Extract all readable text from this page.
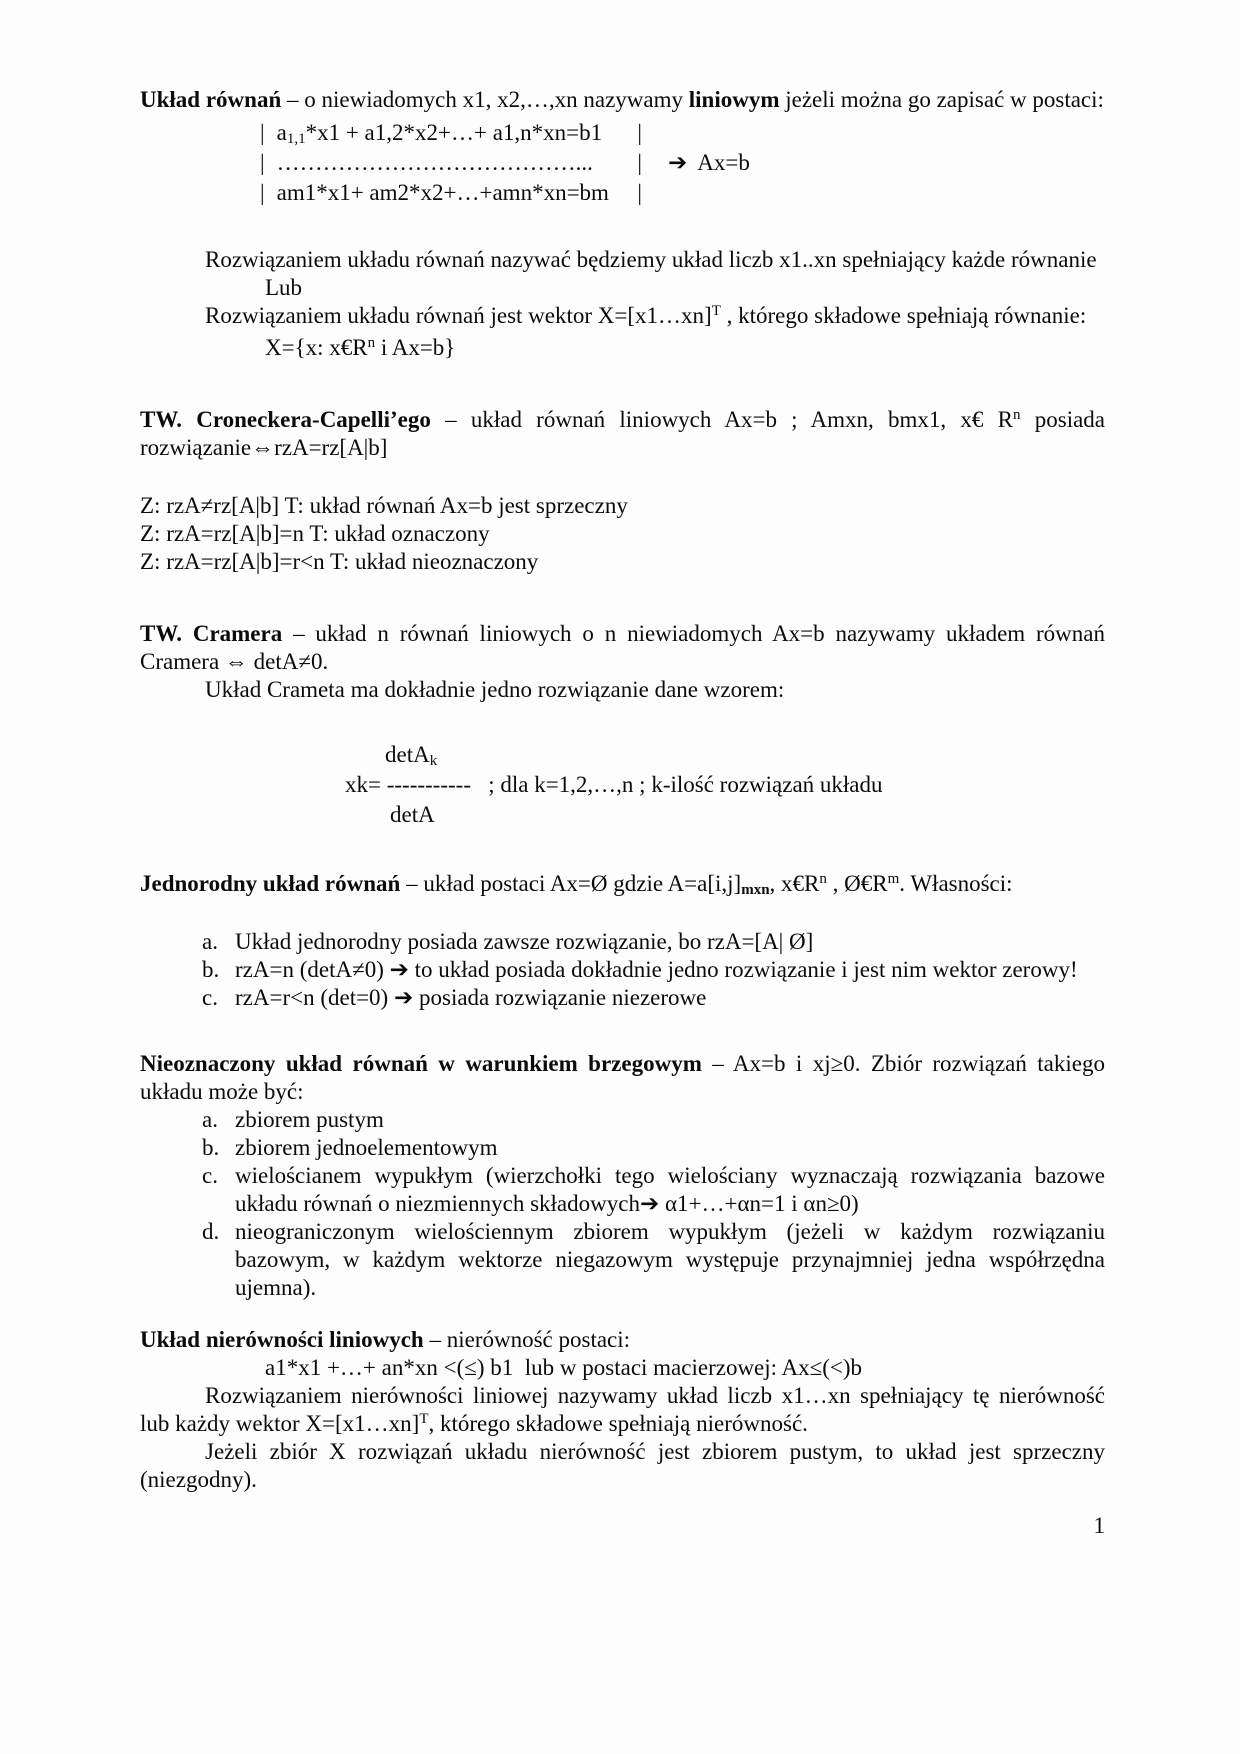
Układ równań – o niewiadomych x1, x2,…,xn nazywamy liniowym jeżeli można go zapisać w postaci:

| $a_{1,1}*x1$ + a1,2*x2+…+ a1,n*xn=b1	|
| …………………………………...	|
| am1*x1+ am2*x2+…+amn*xn=bm	|
➔ Ax=b

Rozwiązaniem układu równań nazywać będziemy układ liczb x1..xn spełniający każde równanie

Lub

Rozwiązaniem układu równań jest wektor X=[x1…xn]$^T$ , którego składowe spełniają równanie:

X={x: $x€R^n$ i Ax=b}

TW. Croneckera-Capelli’ego – układ równań liniowych Ax=b ; Amxn, bmx1, x€ $R^n$ posiada rozwiązanie⇔rzA=rz[A|b]

Z: rzA≠rz[A|b] T: układ równań Ax=b jest sprzeczny

Z: rzA=rz[A|b]=n T: układ oznaczony

Z: rzA=rz[A|b]=r<n T: układ nieoznaczony

TW. Cramera – układ n równań liniowych o n niewiadomych Ax=b nazywamy układem równań Cramera ⇔ detA≠0.

Układ Crameta ma dokładnie jedno rozwiązanie dane wzorem:

detA$_k$
xk= -----------   ; dla k=1,2,…,n ; k-ilość rozwiązań układu
detA

Jednorodny układ równań – układ postaci Ax=Ø gdzie $A=a[i,j]_{mxn}$, $x€R^n$ , $Ø€R^m$. Własności:

a. Układ jednorodny posiada zawsze rozwiązanie, bo rzA=[A| Ø]
b. rzA=n (detA≠0) ➔ to układ posiada dokładnie jedno rozwiązanie i jest nim wektor zerowy!
c. rzA=r<n (det=0) ➔ posiada rozwiązanie niezerowe

Nieoznaczony układ równań w warunkiem brzegowym – Ax=b i xj≥0. Zbiór rozwiązań takiego układu może być:

a. zbiorem pustym
b. zbiorem jednoelementowym
c. wielościanem wypukłym (wierzchołki tego wielościany wyznaczają rozwiązania bazowe układu równań o niezmiennych składowych➔ α1+…+αn=1 i αn≥0)
d. nieograniczonym wielościennym zbiorem wypukłym (jeżeli w każdym rozwiązaniu bazowym, w każdym wektorze niegazowym występuje przynajmniej jedna współrzędna ujemna).

Układ nierówności liniowych – nierówność postaci:

a1*x1 +…+ an*xn <(≤) b1  lub w postaci macierzowej: Ax≤(<)b

Rozwiązaniem nierówności liniowej nazywamy układ liczb x1…xn spełniający tę nierówność lub każdy wektor X=[x1…xn]$^T$, którego składowe spełniają nierówność.

Jeżeli zbiór X rozwiązań układu nierówność jest zbiorem pustym, to układ jest sprzeczny (niezgodny).

1
